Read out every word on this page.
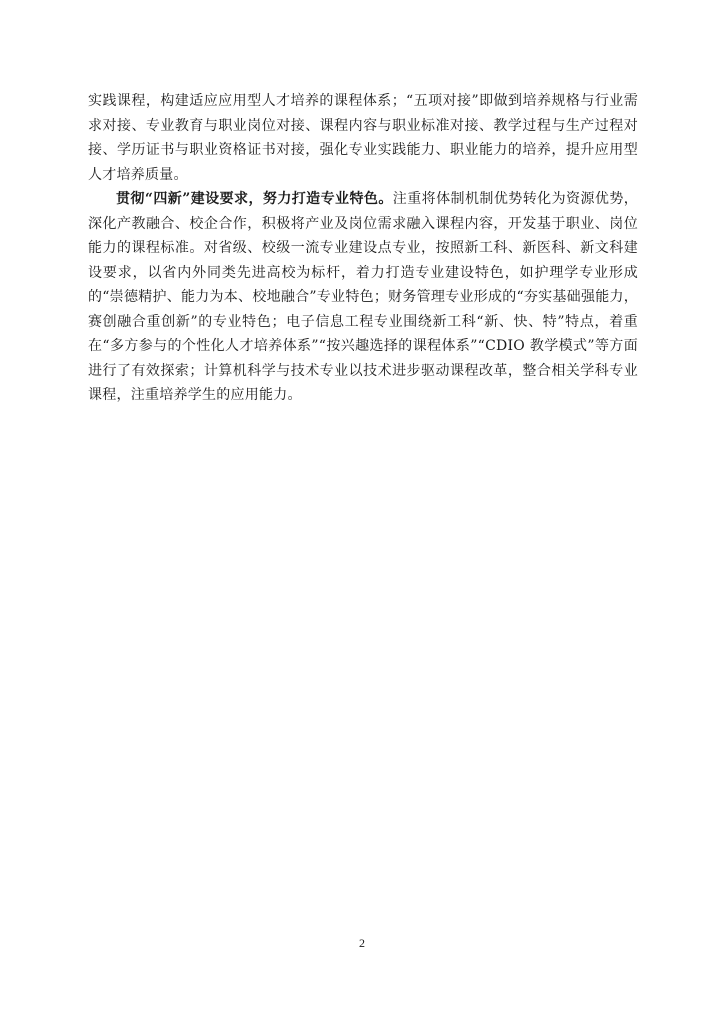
实践课程，构建适应应用型人才培养的课程体系；“五项对接”即做到培养规格与行业需求对接、专业教育与职业岗位对接、课程内容与职业标准对接、教学过程与生产过程对接、学历证书与职业资格证书对接，强化专业实践能力、职业能力的培养，提升应用型人才培养质量。

贯彻“四新”建设要求，努力打造专业特色。注重将体制机制优势转化为资源优势，深化产教融合、校企合作，积极将产业及岗位需求融入课程内容，开发基于职业、岗位能力的课程标准。对省级、校级一流专业建设点专业，按照新工科、新医科、新文科建设要求，以省内外同类先进高校为标杆，着力打造专业建设特色，如护理学专业形成的“崇德精护、能力为本、校地融合”专业特色；财务管理专业形成的“夯实基础强能力，赛创融合重创新”的专业特色；电子信息工程专业围绕新工科“新、快、特”特点，着重在“多方参与的个性化人才培养体系”“按兴趣选择的课程体系”“CDIO 教学模式”等方面进行了有效探索；计算机科学与技术专业以技术进步驱动课程改革，整合相关学科专业课程，注重培养学生的应用能力。

2
